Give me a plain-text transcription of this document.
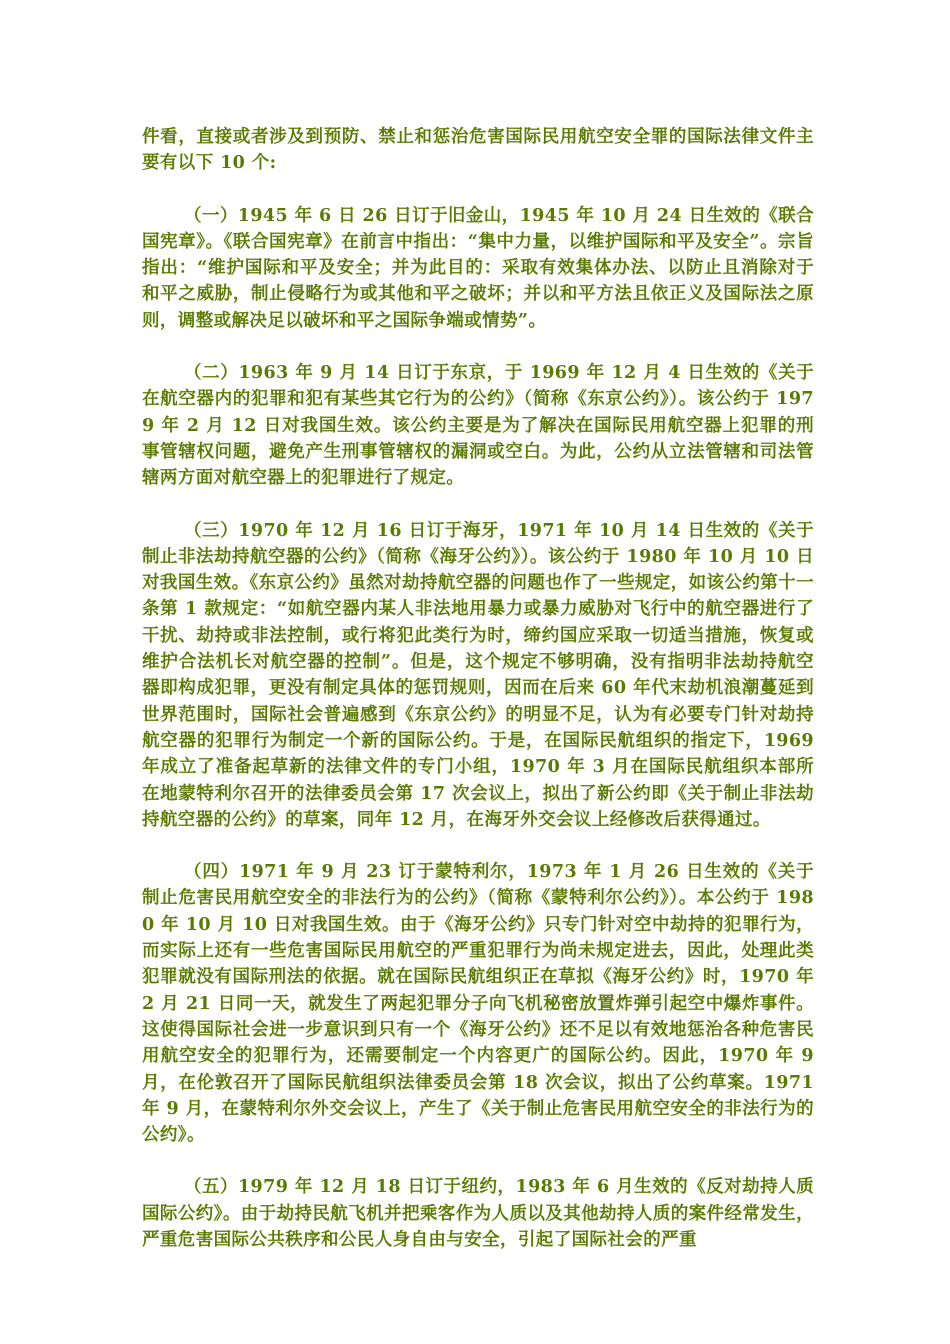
件看，直接或者涉及到预防、禁止和惩治危害国际民用航空安全罪的国际法律文件主要有以下 10 个:

（一）1945 年 6 日 26 日订于旧金山，1945 年 10 月 24 日生效的《联合国宪章》。《联合国宪章》在前言中指出：“集中力量，以维护国际和平及安全”。宗旨指出：“维护国际和平及安全；并为此目的：采取有效集体办法、以防止且消除对于和平之威胁，制止侵略行为或其他和平之破坏；并以和平方法且依正义及国际法之原则，调整或解决足以破坏和平之国际争端或情势”。

（二）1963 年 9 月 14 日订于东京，于 1969 年 12 月 4 日生效的《关于在航空器内的犯罪和犯有某些其它行为的公约》（简称《东京公约》）。该公约于 1979 年 2 月 12 日对我国生效。该公约主要是为了解决在国际民用航空器上犯罪的刑事管辖权问题，避免产生刑事管辖权的漏洞或空白。为此，公约从立法管辖和司法管辖两方面对航空器上的犯罪进行了规定。

（三）1970 年 12 月 16 日订于海牙，1971 年 10 月 14 日生效的《关于制止非法劫持航空器的公约》（简称《海牙公约》）。该公约于 1980 年 10 月 10 日对我国生效。《东京公约》虽然对劫持航空器的问题也作了一些规定，如该公约第十一条第 1 款规定：“如航空器内某人非法地用暴力或暴力威胁对飞行中的航空器进行了干扰、劫持或非法控制，或行将犯此类行为时，缔约国应采取一切适当措施，恢复或维护合法机长对航空器的控制”。但是，这个规定不够明确，没有指明非法劫持航空器即构成犯罪，更没有制定具体的惩罚规则，因而在后来 60 年代末劫机浪潮蔓延到世界范围时，国际社会普遍感到《东京公约》的明显不足，认为有必要专门针对劫持航空器的犯罪行为制定一个新的国际公约。于是，在国际民航组织的指定下，1969 年成立了准备起草新的法律文件的专门小组，1970 年 3 月在国际民航组织本部所在地蒙特利尔召开的法律委员会第 17 次会议上，拟出了新公约即《关于制止非法劫持航空器的公约》的草案，同年 12 月，在海牙外交会议上经修改后获得通过。

（四）1971 年 9 月 23 订于蒙特利尔，1973 年 1 月 26 日生效的《关于制止危害民用航空安全的非法行为的公约》（简称《蒙特利尔公约》）。本公约于 1980 年 10 月 10 日对我国生效。由于《海牙公约》只专门针对空中劫持的犯罪行为，而实际上还有一些危害国际民用航空的严重犯罪行为尚未规定进去，因此，处理此类犯罪就没有国际刑法的依据。就在国际民航组织正在草拟《海牙公约》时，1970 年 2 月 21 日同一天，就发生了两起犯罪分子向飞机秘密放置炸弹引起空中爆炸事件。这使得国际社会进一步意识到只有一个《海牙公约》还不足以有效地惩治各种危害民用航空安全的犯罪行为，还需要制定一个内容更广的国际公约。因此，1970 年 9 月，在伦敦召开了国际民航组织法律委员会第 18 次会议，拟出了公约草案。1971 年 9 月，在蒙特利尔外交会议上，产生了《关于制止危害民用航空安全的非法行为的公约》。

（五）1979 年 12 月 18 日订于纽约，1983 年 6 月生效的《反对劫持人质国际公约》。由于劫持民航飞机并把乘客作为人质以及其他劫持人质的案件经常发生，严重危害国际公共秩序和公民人身自由与安全，引起了国际社会的严重
